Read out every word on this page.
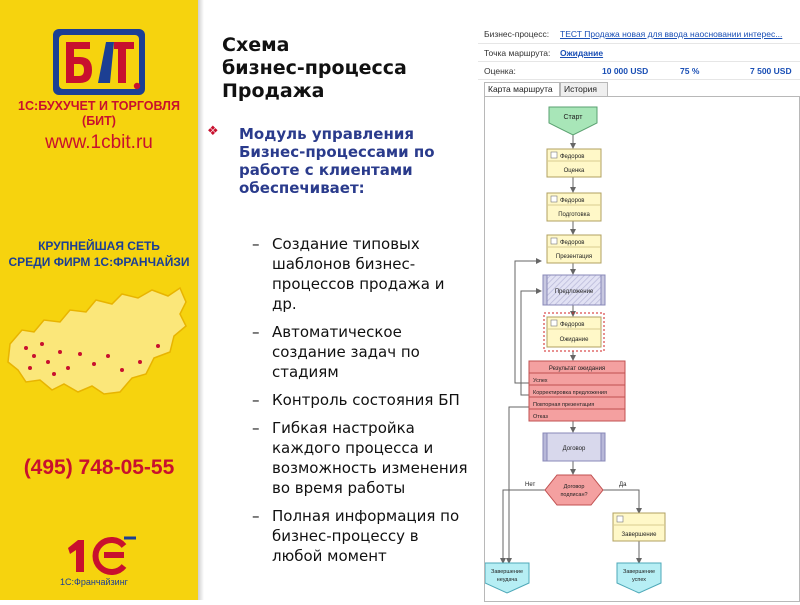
1С:БУХУЧЕТ И ТОРГОВЛЯ
(БИТ)
www.1cbit.ru
КРУПНЕЙШАЯ СЕТЬ
СРЕДИ ФИРМ 1С:ФРАНЧАЙЗИ
(495) 748-05-55
1С:Франчайзинг
Схема
бизнес-процесса
Продажа
❖ Модуль управления Бизнес-процессами по работе с клиентами обеспечивает:
– Создание типовых шаблонов бизнес-процессов продажа и др.
– Автоматическое создание задач по стадиям
– Контроль состояния БП
– Гибкая настройка каждого процесса и возможность изменения во время работы
– Полная информация по бизнес-процессу в любой момент
Бизнес-процесс: ТЕСТ Продажа новая для ввода наосновании интерес...
Точка маршрута: Ожидание
Оценка:	10 000 USD	75 %	7 500 USD
Карта маршрута	История
Старт
Федоров
Оценка
Федоров
Подготовка
Федоров
Презентация
Предложение
Федоров
Ожидание
Результат ожидания
Успех
Корректировка предложения
Повторная презентация
Отказ
Договор
Договор
подписан?
Нет	Да
Завершение
Завершение
неудача
Завершение
успех
